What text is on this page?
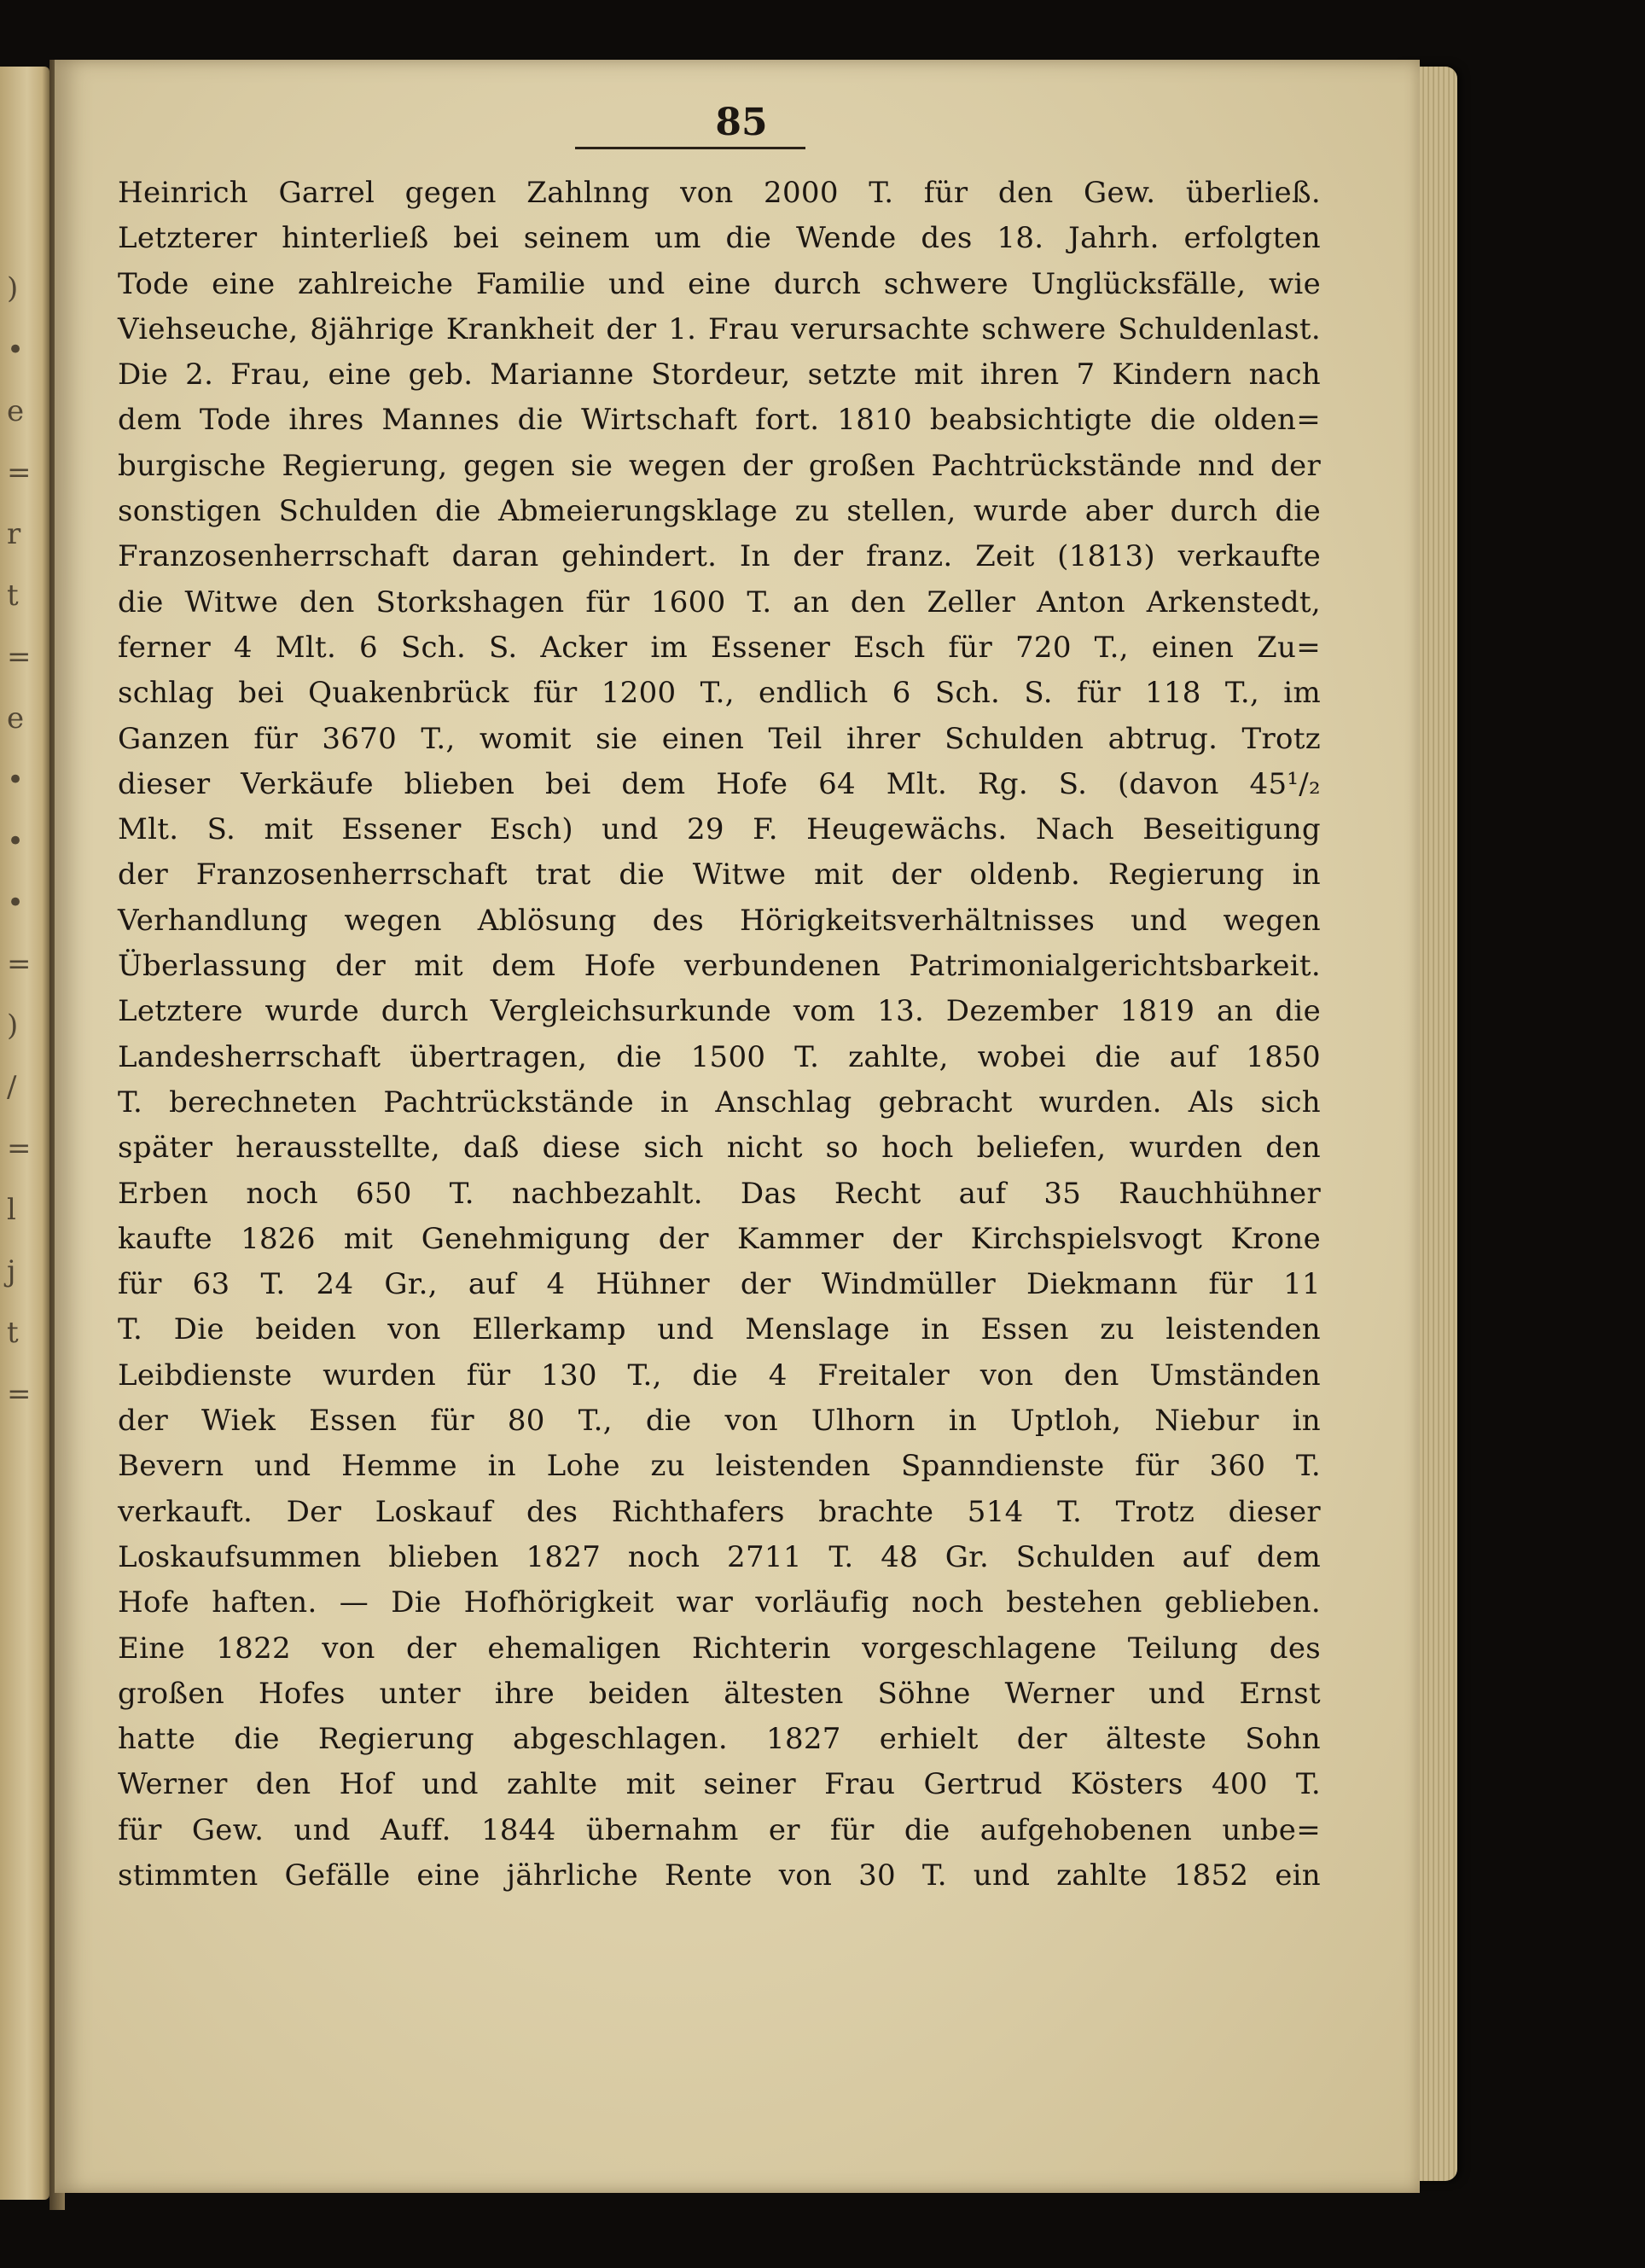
)
•
e
=
r
t
=
e
•
•
•
=
)
/
=
l
j
t
=
85
Heinrich Garrel gegen Zahlnng von 2000 T. für den Gew. überließ.
Letzterer hinterließ bei seinem um die Wende des 18. Jahrh. erfolgten
Tode eine zahlreiche Familie und eine durch schwere Unglücksfälle, wie
Viehseuche, 8jährige Krankheit der 1. Frau verursachte schwere Schuldenlast.
Die 2. Frau, eine geb. Marianne Stordeur, setzte mit ihren 7 Kindern nach
dem Tode ihres Mannes die Wirtschaft fort. 1810 beabsichtigte die olden=
burgische Regierung, gegen sie wegen der großen Pachtrückstände nnd der
sonstigen Schulden die Abmeierungsklage zu stellen, wurde aber durch die
Franzosenherrschaft daran gehindert. In der franz. Zeit (1813) verkaufte
die Witwe den Storkshagen für 1600 T. an den Zeller Anton Arkenstedt,
ferner 4 Mlt. 6 Sch. S. Acker im Essener Esch für 720 T., einen Zu=
schlag bei Quakenbrück für 1200 T., endlich 6 Sch. S. für 118 T., im
Ganzen für 3670 T., womit sie einen Teil ihrer Schulden abtrug. Trotz
dieser Verkäufe blieben bei dem Hofe 64 Mlt. Rg. S. (davon 45¹/₂
Mlt. S. mit Essener Esch) und 29 F. Heugewächs. Nach Beseitigung
der Franzosenherrschaft trat die Witwe mit der oldenb. Regierung in
Verhandlung wegen Ablösung des Hörigkeitsverhältnisses und wegen
Überlassung der mit dem Hofe verbundenen Patrimonialgerichtsbarkeit.
Letztere wurde durch Vergleichsurkunde vom 13. Dezember 1819 an die
Landesherrschaft übertragen, die 1500 T. zahlte, wobei die auf 1850
T. berechneten Pachtrückstände in Anschlag gebracht wurden. Als sich
später herausstellte, daß diese sich nicht so hoch beliefen, wurden den
Erben noch 650 T. nachbezahlt. Das Recht auf 35 Rauchhühner
kaufte 1826 mit Genehmigung der Kammer der Kirchspielsvogt Krone
für 63 T. 24 Gr., auf 4 Hühner der Windmüller Diekmann für 11
T. Die beiden von Ellerkamp und Menslage in Essen zu leistenden
Leibdienste wurden für 130 T., die 4 Freitaler von den Umständen
der Wiek Essen für 80 T., die von Ulhorn in Uptloh, Niebur in
Bevern und Hemme in Lohe zu leistenden Spanndienste für 360 T.
verkauft. Der Loskauf des Richthafers brachte 514 T. Trotz dieser
Loskaufsummen blieben 1827 noch 2711 T. 48 Gr. Schulden auf dem
Hofe haften. — Die Hofhörigkeit war vorläufig noch bestehen geblieben.
Eine 1822 von der ehemaligen Richterin vorgeschlagene Teilung des
großen Hofes unter ihre beiden ältesten Söhne Werner und Ernst
hatte die Regierung abgeschlagen. 1827 erhielt der älteste Sohn
Werner den Hof und zahlte mit seiner Frau Gertrud Kösters 400 T.
für Gew. und Auff. 1844 übernahm er für die aufgehobenen unbe=
stimmten Gefälle eine jährliche Rente von 30 T. und zahlte 1852 ein
